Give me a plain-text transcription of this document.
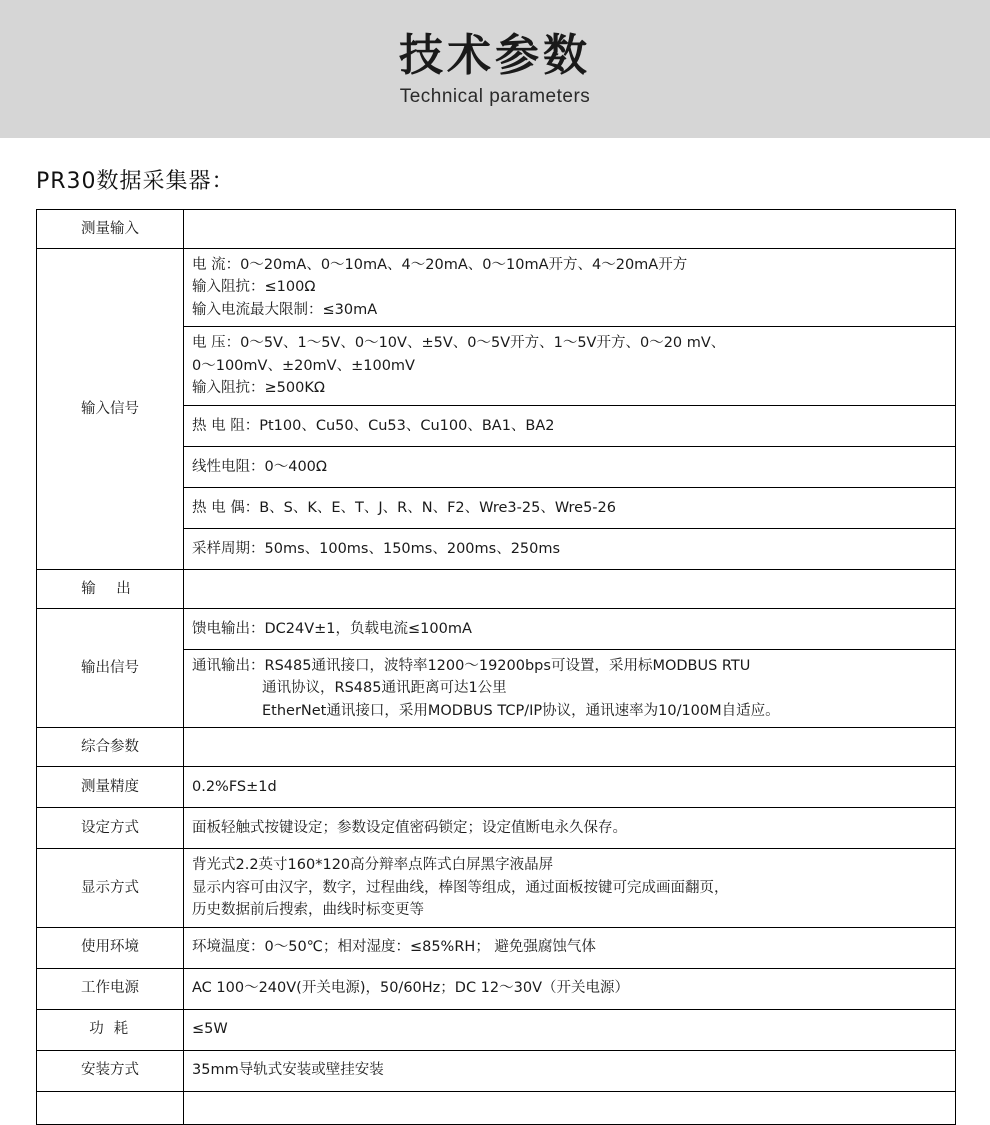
技术参数
Technical parameters
PR30数据采集器：
测量输入	
输入信号	电 流：0～20mA、0～10mA、4～20mA、0～10mA开方、4～20mA开方
输入阻抗：≤100Ω
输入电流最大限制：≤30mA

	电 压：0～5V、1～5V、0～10V、±5V、0～5V开方、1～5V开方、0～20 mV、
0～100mV、±20mV、±100mV
输入阻抗：≥500KΩ

	热 电 阻：Pt100、Cu50、Cu53、Cu100、BA1、BA2
	线性电阻：0～400Ω
	热 电 偶：B、S、K、E、T、J、R、N、F2、Wre3-25、Wre5-26
	采样周期：50ms、100ms、150ms、200ms、250ms
输 出	
输出信号	馈电输出：DC24V±1，负载电流≤100mA

	通讯输出：RS485通讯接口，波特率1200～19200bps可设置，采用标MODBUS RTU
通讯协议，RS485通讯距离可达1公里
EtherNet通讯接口，采用MODBUS TCP/IP协议，通讯速率为10/100M自适应。

综合参数	
测量精度	0.2%FS±1d
设定方式	面板轻触式按键设定；参数设定值密码锁定；设定值断电永久保存。
显示方式	背光式2.2英寸160*120高分辩率点阵式白屏黑字液晶屏
显示内容可由汉字，数字，过程曲线，棒图等组成，通过面板按键可完成画面翻页，
历史数据前后搜索，曲线时标变更等

使用环境	环境温度：0～50℃；相对湿度：≤85%RH； 避免强腐蚀气体
工作电源	AC 100～240V(开关电源)，50/60Hz；DC 12～30V（开关电源）
功 耗	≤5W
安装方式	35mm导轨式安装或壁挂安装
